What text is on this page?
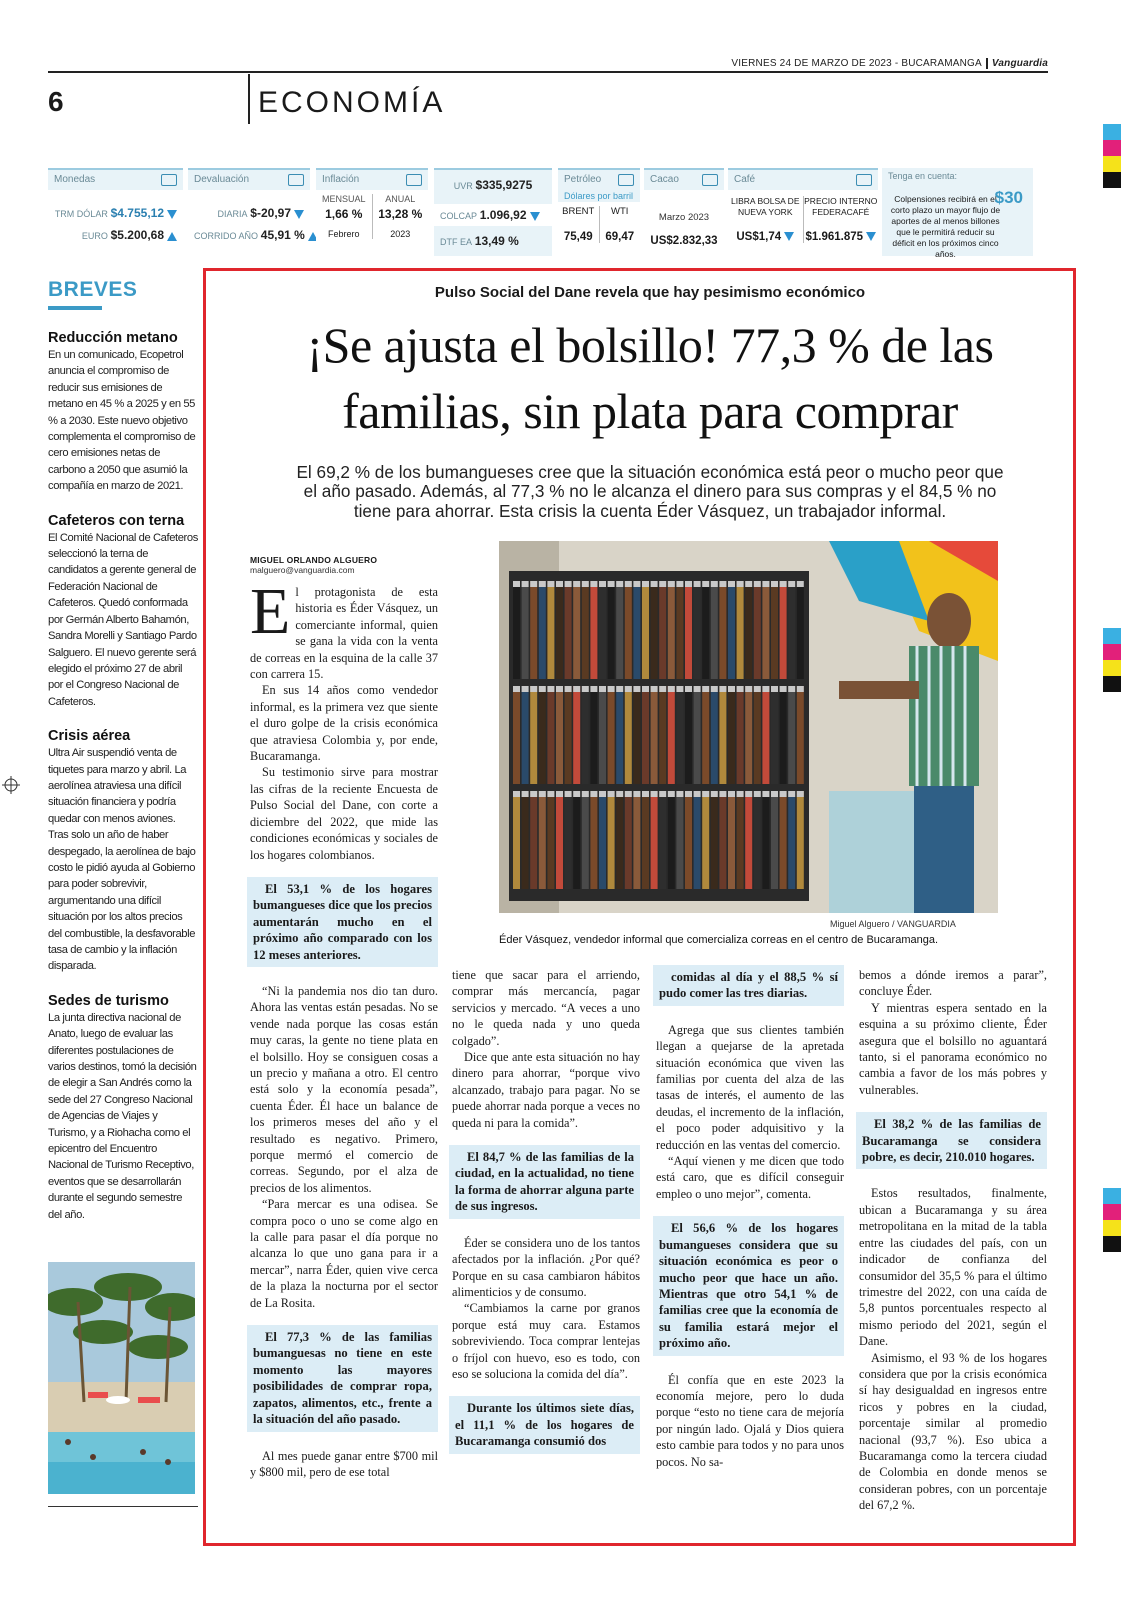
VIERNES 24 DE MARZO DE 2023 - BUCARAMANGA Vanguardia
6	ECONOMÍA
Monedas
TRM DÓLAR $4.755,12
EURO $5.200,68
Devaluación
DIARIA $-20,97
CORRIDO AÑO 45,91 %
Inflación
MENSUAL
1,66 %
Febrero
ANUAL
13,28 %
2023
UVR $335,9275
COLCAP 1.096,92
DTF EA 13,49 %
Petróleo
Dólares por barril
BRENT
75,49
WTI
69,47
Cacao
Marzo 2023
US$2.832,33
Café
LIBRA BOLSA DE NUEVA YORK
US$1,74
PRECIO INTERNO FEDERACAFÉ
$1.961.875
Tenga en cuenta:
$30
Colpensiones recibirá en el corto plazo un mayor flujo de aportes de al menos billones que le permitirá reducir su déficit en los próximos cinco años.
BREVES
Reducción metano

En un comunicado, Ecopetrol anuncia el compromiso de reducir sus emisiones de metano en 45 % a 2025 y en 55 % a 2030. Este nuevo objetivo complementa el compromiso de cero emisiones netas de carbono a 2050 que asumió la compañía en marzo de 2021.

Cafeteros con terna

El Comité Nacional de Cafeteros seleccionó la terna de candidatos a gerente general de Federación Nacional de Cafeteros. Quedó conformada por Germán Alberto Bahamón, Sandra Morelli y Santiago Pardo Salguero. El nuevo gerente será elegido el próximo 27 de abril por el Congreso Nacional de Cafeteros.

Crisis aérea

Ultra Air suspendió venta de tiquetes para marzo y abril. La aerolínea atraviesa una difícil situación financiera y podría quedar con menos aviones. Tras solo un año de haber despegado, la aerolínea de bajo costo le pidió ayuda al Gobierno para poder sobrevivir, argumentando una difícil situación por los altos precios del combustible, la desfavorable tasa de cambio y la inflación disparada.

Sedes de turismo

La junta directiva nacional de Anato, luego de evaluar las diferentes postulaciones de varios destinos, tomó la decisión de elegir a San Andrés como la sede del 27 Congreso Nacional de Agencias de Viajes y Turismo, y a Riohacha como el epicentro del Encuentro Nacional de Turismo Receptivo, eventos que se desarrollarán durante el segundo semestre del año.

Pulso Social del Dane revela que hay pesimismo económico
¡Se ajusta el bolsillo! 77,3 % de las
familias, sin plata para comprar
El 69,2 % de los bumangueses cree que la situación económica está peor o mucho peor que el año pasado. Además, al 77,3 % no le alcanza el dinero para sus compras y el 84,5 % no tiene para ahorrar. Esta crisis la cuenta Éder Vásquez, un trabajador informal.
MIGUEL ORLANDO ALGUERO
malguero@vanguardia.com
Miguel Alguero / VANGUARDIA
Éder Vásquez, vendedor informal que comercializa correas en el centro de Bucaramanga.

El protagonista de esta historia es Éder Vásquez, un comerciante informal, quien se gana la vida con la venta de correas en la esquina de la calle 37 con carrera 15.

En sus 14 años como vendedor informal, es la primera vez que siente el duro golpe de la crisis económica que atraviesa Colombia y, por ende, Bucaramanga.

Su testimonio sirve para mostrar las cifras de la reciente Encuesta de Pulso Social del Dane, con corte a diciembre del 2022, que mide las condiciones económicas y sociales de los hogares colombianos.

El 53,1 % de los hogares bumangueses dice que los precios aumentarán mucho en el próximo año comparado con los 12 meses anteriores.

“Ni la pandemia nos dio tan duro. Ahora las ventas están pesadas. No se vende nada porque las cosas están muy caras, la gente no tiene plata en el bolsillo. Hoy se consiguen cosas a un precio y mañana a otro. El centro está solo y la economía pesada”, cuenta Éder. Él hace un balance de los primeros meses del año y el resultado es negativo. Primero, porque mermó el comercio de correas. Segundo, por el alza de precios de los alimentos.

“Para mercar es una odisea. Se compra poco o uno se come algo en la calle para pasar el día porque no alcanza lo que uno gana para ir a mercar”, narra Éder, quien vive cerca de la plaza la nocturna por el sector de La Rosita.

El 77,3 % de las familias bumanguesas no tiene en este momento las mayores posibilidades de comprar ropa, zapatos, alimentos, etc., frente a la situación del año pasado.

Al mes puede ganar entre $700 mil y $800 mil, pero de ese total

tiene que sacar para el arriendo, comprar más mercancía, pagar servicios y mercado. “A veces a uno no le queda nada y uno queda colgado”.

Dice que ante esta situación no hay dinero para ahorrar, “porque vivo alcanzado, trabajo para pagar. No se puede ahorrar nada porque a veces no queda ni para la comida”.

El 84,7 % de las familias de la ciudad, en la actualidad, no tiene la forma de ahorrar alguna parte de sus ingresos.

Éder se considera uno de los tantos afectados por la inflación. ¿Por qué? Porque en su casa cambiaron hábitos alimenticios y de consumo.

“Cambiamos la carne por granos porque está muy cara. Estamos sobreviviendo. Toca comprar lentejas o fríjol con huevo, eso es todo, con eso se soluciona la comida del día”.

Durante los últimos siete días, el 11,1 % de los hogares de Bucaramanga consumió dos

comidas al día y el 88,5 % sí pudo comer las tres diarias.

Agrega que sus clientes también llegan a quejarse de la apretada situación económica que viven las familias por cuenta del alza de las tasas de interés, el aumento de las deudas, el incremento de la inflación, el poco poder adquisitivo y la reducción en las ventas del comercio.

“Aquí vienen y me dicen que todo está caro, que es difícil conseguir empleo o uno mejor”, comenta.

El 56,6 % de los hogares bumangueses considera que su situación económica es peor o mucho peor que hace un año. Mientras que otro 54,1 % de familias cree que la economía de su familia estará mejor el próximo año.

Él confía que en este 2023 la economía mejore, pero lo duda porque “esto no tiene cara de mejoría por ningún lado. Ojalá y Dios quiera esto cambie para todos y no para unos pocos. No sa-

bemos a dónde iremos a parar”, concluye Éder.

Y mientras espera sentado en la esquina a su próximo cliente, Éder asegura que el bolsillo no aguantará tanto, si el panorama económico no cambia a favor de los más pobres y vulnerables.

El 38,2 % de las familias de Bucaramanga se considera pobre, es decir, 210.010 hogares.

Estos resultados, finalmente, ubican a Bucaramanga y su área metropolitana en la mitad de la tabla entre las ciudades del país, con un indicador de confianza del consumidor del 35,5 % para el último trimestre del 2022, con una caída de 5,8 puntos porcentuales respecto al mismo periodo del 2021, según el Dane.

Asimismo, el 93 % de los hogares considera que por la crisis económica sí hay desigualdad en ingresos entre ricos y pobres en la ciudad, porcentaje similar al promedio nacional (93,7 %). Eso ubica a Bucaramanga como la tercera ciudad de Colombia en donde menos se consideran pobres, con un porcentaje del 67,2 %.
